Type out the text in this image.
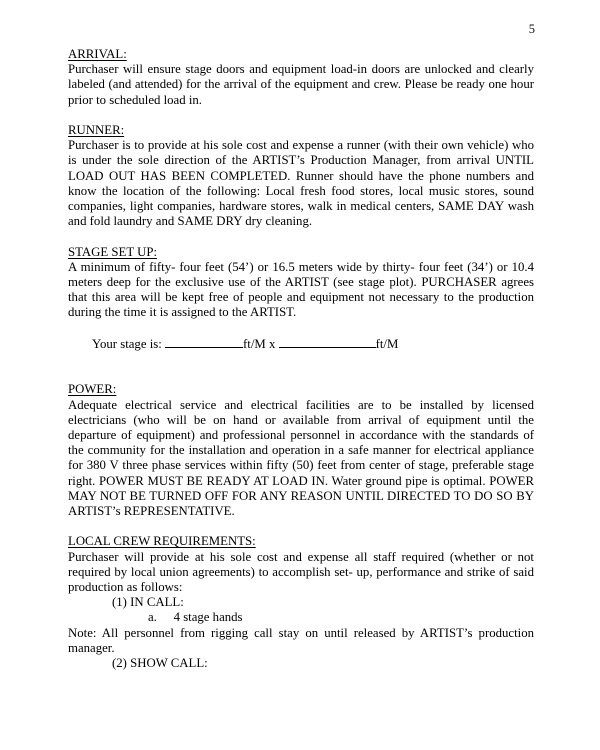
5
ARRIVAL:

Purchaser will ensure stage doors and equipment load-in doors are unlocked and clearly labeled (and attended) for the arrival of the equipment and crew. Please be ready one hour prior to scheduled load in.

RUNNER:

Purchaser is to provide at his sole cost and expense a runner (with their own vehicle) who is under the sole direction of the ARTIST’s Production Manager, from arrival UNTIL LOAD OUT HAS BEEN COMPLETED. Runner should have the phone numbers and know the location of the following: Local fresh food stores, local music stores, sound companies, light companies, hardware stores, walk in medical centers, SAME DAY wash and fold laundry and SAME DRY dry cleaning.

STAGE SET UP:

A minimum of fifty- four feet (54’) or 16.5 meters wide by thirty- four feet (34’) or 10.4 meters deep for the exclusive use of the ARTIST (see stage plot). PURCHASER agrees that this area will be kept free of people and equipment not necessary to the production during the time it is assigned to the ARTIST.

Your stage is:	ft/M x	ft/M
POWER:

Adequate electrical service and electrical facilities are to be installed by licensed electricians (who will be on hand or available from arrival of equipment until the departure of equipment) and professional personnel in accordance with the standards of the community for the installation and operation in a safe manner for electrical appliance for 380 V three phase services within fifty (50) feet from center of stage, preferable stage right. POWER MUST BE READY AT LOAD IN. Water ground pipe is optimal. POWER MAY NOT BE TURNED OFF FOR ANY REASON UNTIL DIRECTED TO DO SO BY ARTIST’s REPRESENTATIVE.

LOCAL CREW REQUIREMENTS:

Purchaser will provide at his sole cost and expense all staff required (whether or not required by local union agreements) to accomplish set- up, performance and strike of said production as follows:

(1) IN CALL:
a.	4 stage hands

Note: All personnel from rigging call stay on until released by ARTIST’s production manager.

(2) SHOW CALL:
